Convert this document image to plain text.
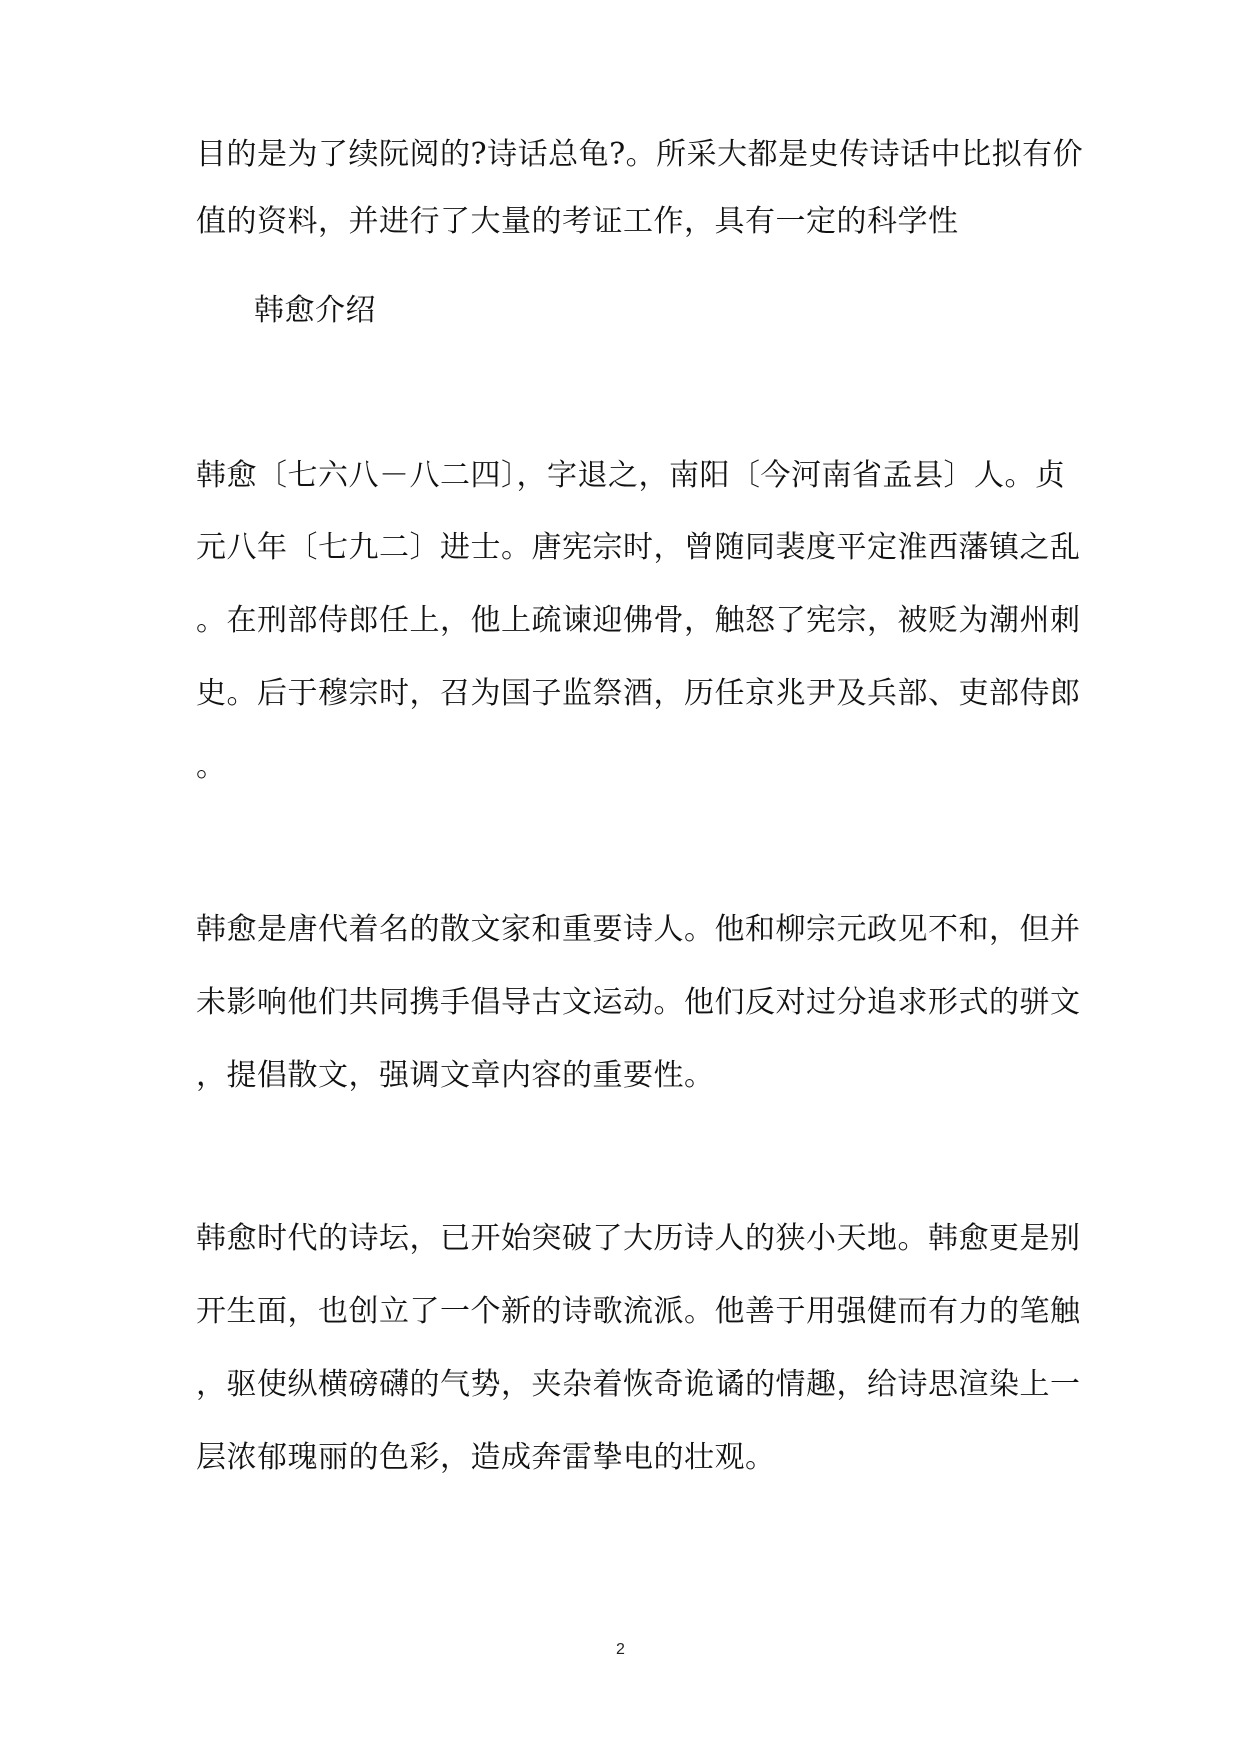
目的是为了续阮阅的?诗话总龟?。所采大都是史传诗话中比拟有价
值的资料，并进行了大量的考证工作，具有一定的科学性
韩愈介绍
韩愈〔七六八－八二四〕，字退之，南阳〔今河南省孟县〕人。贞
元八年〔七九二〕进士。唐宪宗时，曾随同裴度平定淮西藩镇之乱
。在刑部侍郎任上，他上疏谏迎佛骨，触怒了宪宗，被贬为潮州刺
史。后于穆宗时，召为国子监祭酒，历任京兆尹及兵部、吏部侍郎
。
韩愈是唐代着名的散文家和重要诗人。他和柳宗元政见不和，但并
未影响他们共同携手倡导古文运动。他们反对过分追求形式的骈文
，提倡散文，强调文章内容的重要性。
韩愈时代的诗坛，已开始突破了大历诗人的狭小天地。韩愈更是别
开生面，也创立了一个新的诗歌流派。他善于用强健而有力的笔触
，驱使纵横磅礴的气势，夹杂着恢奇诡谲的情趣，给诗思渲染上一
层浓郁瑰丽的色彩，造成奔雷挚电的壮观。
2
